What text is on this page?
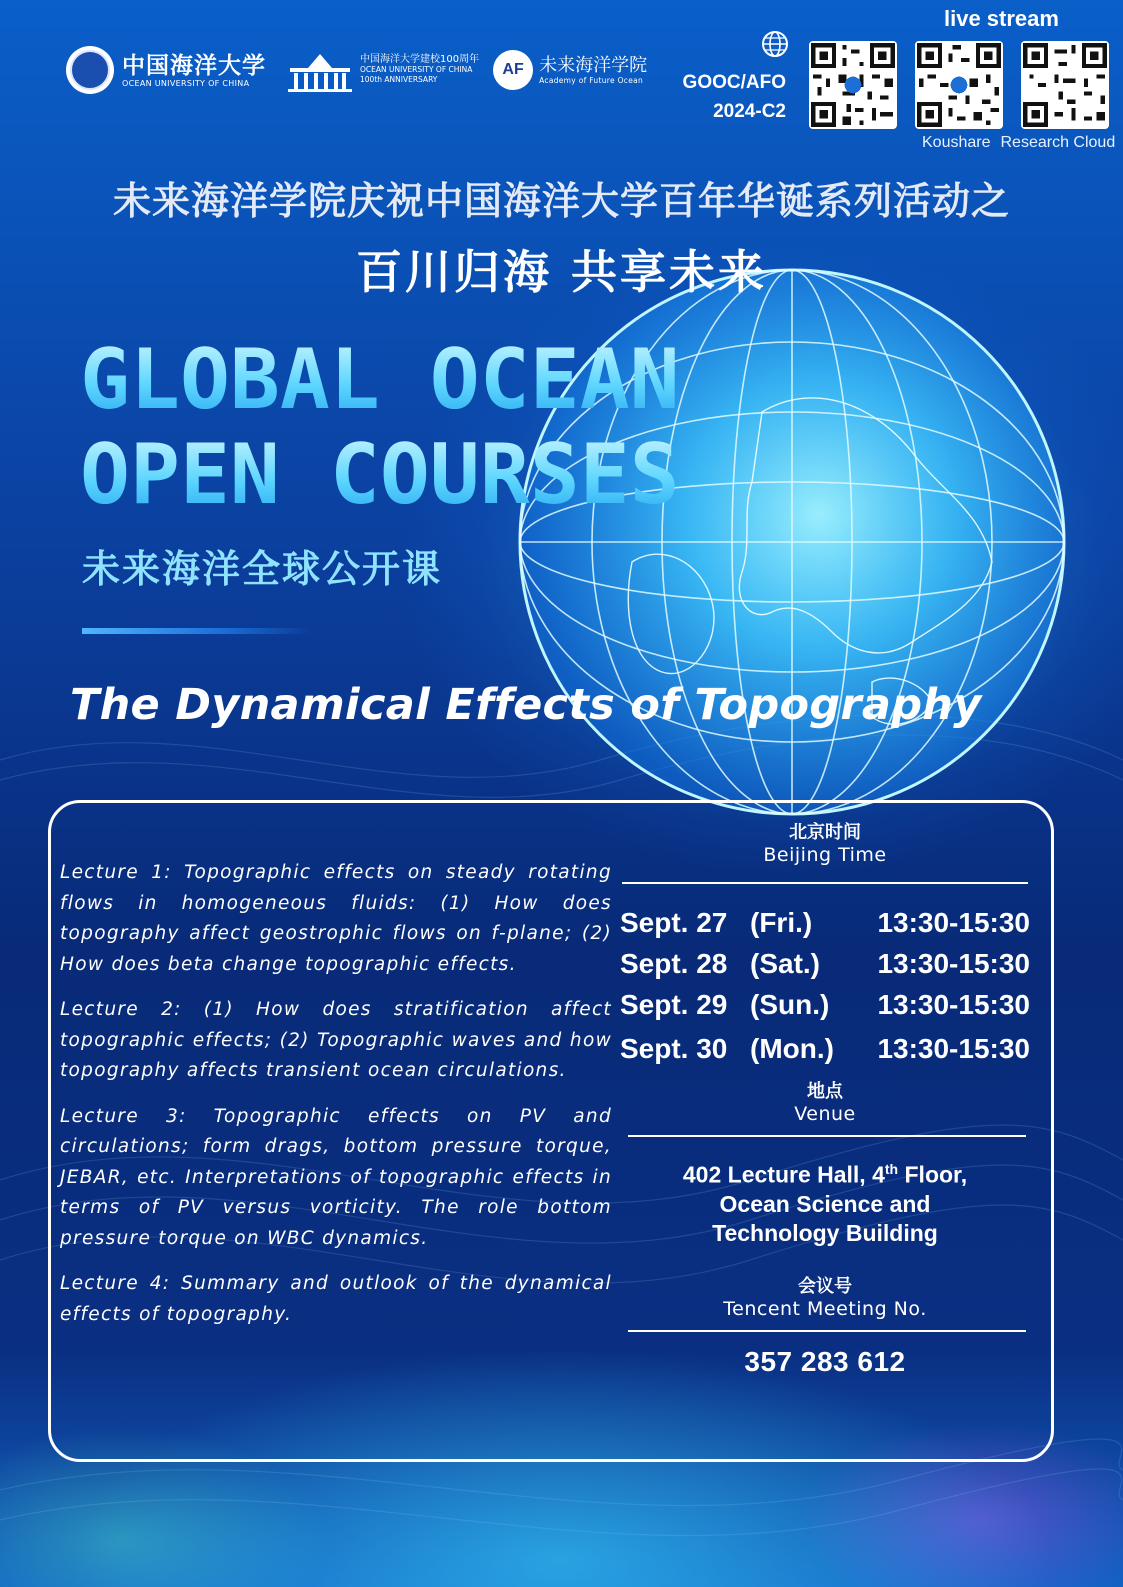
中国海洋大学
OCEAN UNIVERSITY OF CHINA
中国海洋大学建校100周年
OCEAN UNIVERSITY OF CHINA
100th ANNIVERSARY
AF 未来海洋学院
Academy of Future Ocean	GOOC/AFO
2024-C2
live stream
Koushare Research Cloud
未来海洋学院庆祝中国海洋大学百年华诞系列活动之
百川归海 共享未来
GLOBAL OCEAN
OPEN COURSES
未来海洋全球公开课
The Dynamical Effects of Topography

Lecture 1: Topographic effects on steady rotating flows in homogeneous fluids: (1) How does topography affect geostrophic flows on f-plane; (2) How does beta change topographic effects.

Lecture 2: (1) How does stratification affect topographic effects; (2) Topographic waves and how topography affects transient ocean circulations.

Lecture 3: Topographic effects on PV and circulations; form drags, bottom pressure torque, JEBAR, etc. Interpretations of topographic effects in terms of PV versus vorticity. The role bottom pressure torque on WBC dynamics.

Lecture 4: Summary and outlook of the dynamical effects of topography.

北京时间
Beijing Time
Sept. 27 (Fri.)	13:30-15:30
Sept. 28 (Sat.)	13:30-15:30
Sept. 29 (Sun.)	13:30-15:30
Sept. 30 (Mon.)	13:30-15:30
地点
Venue
402 Lecture Hall, 4th Floor,
Ocean Science and
Technology Building
会议号
Tencent Meeting No.
357 283 612
